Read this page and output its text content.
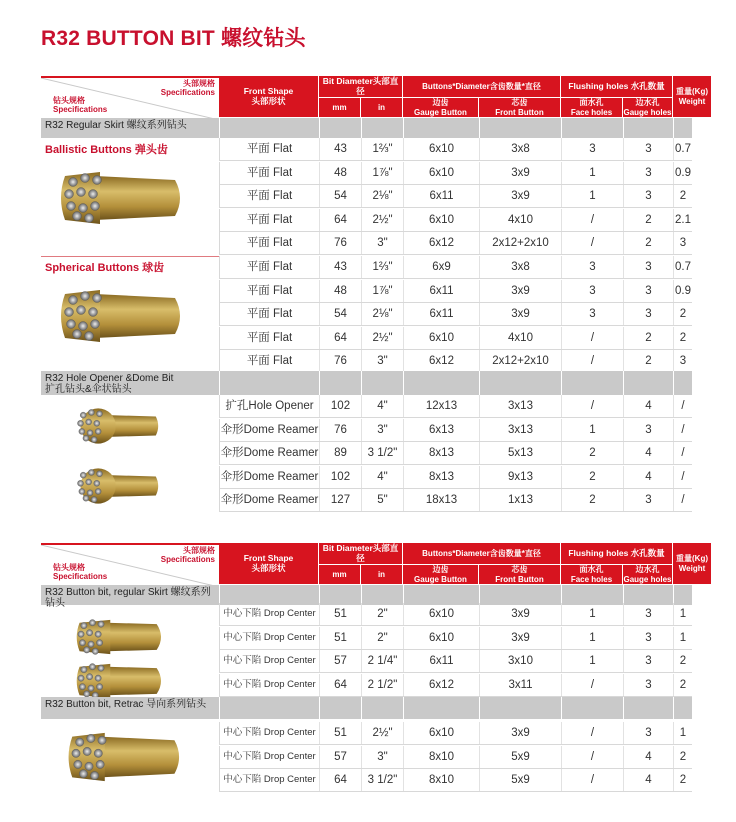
R32 BUTTON BIT 螺纹钻头
头部规格
Specifications
钻头规格
Specifications
Front Shape
头部形状
Bit Diameter头部直径
mm	in
Buttons*Diameter含齿数量*直径
边齿
Gauge Button
芯齿
Front Button
Flushing holes 水孔数量
面水孔
Face holes
边水孔
Gauge holes
重量(Kg)
Weight
R32 Regular Skirt 螺纹系列钻头
Ballistic Buttons 弹头齿	平面 Flat	43	1⅔"	6x10	3x8	3	3	0.7
平面 Flat	48	1⅞"	6x10	3x9	1	3	0.9
平面 Flat	54	2⅛"	6x11	3x9	1	3	2
平面 Flat	64	2½"	6x10	4x10	/	2	2.1
平面 Flat	76	3"	6x12	2x12+2x10	/	2	3
Spherical Buttons 球齿	平面 Flat	43	1⅔"	6x9	3x8	3	3	0.7
平面 Flat	48	1⅞"	6x11	3x9	3	3	0.9
平面 Flat	54	2⅛"	6x11	3x9	3	3	2
平面 Flat	64	2½"	6x10	4x10	/	2	2
平面 Flat	76	3"	6x12	2x12+2x10	/	2	3
R32 Hole Opener &Dome Bit
扩孔钻头&伞状钻头
扩孔Hole Opener	102	4"	12x13	3x13	/	4	/
伞形Dome Reamer	76	3"	6x13	3x13	1	3	/
伞形Dome Reamer	89	3 1/2"	8x13	5x13	2	4	/
伞形Dome Reamer	102	4"	8x13	9x13	2	4	/
伞形Dome Reamer	127	5"	18x13	1x13	2	3	/
头部规格
Specifications
钻头规格
Specifications
Front Shape
头部形状
Bit Diameter头部直径
mm	in
Buttons*Diameter含齿数量*直径
边齿
Gauge Button
芯齿
Front Button
Flushing holes 水孔数量
面水孔
Face holes
边水孔
Gauge holes
重量(Kg)
Weight
R32 Button bit, regular Skirt 螺纹系列钻头
中心下陷 Drop Center	51	2"	6x10	3x9	1	3	1
中心下陷 Drop Center	51	2"	6x10	3x9	1	3	1
中心下陷 Drop Center	57	2 1/4"	6x11	3x10	1	3	2
中心下陷 Drop Center	64	2 1/2"	6x12	3x11	/	3	2
R32 Button bit, Retrac 导向系列钻头
中心下陷 Drop Center	51	2½"	6x10	3x9	/	3	1
中心下陷 Drop Center	57	3"	8x10	5x9	/	4	2
中心下陷 Drop Center	64	3 1/2"	8x10	5x9	/	4	2
